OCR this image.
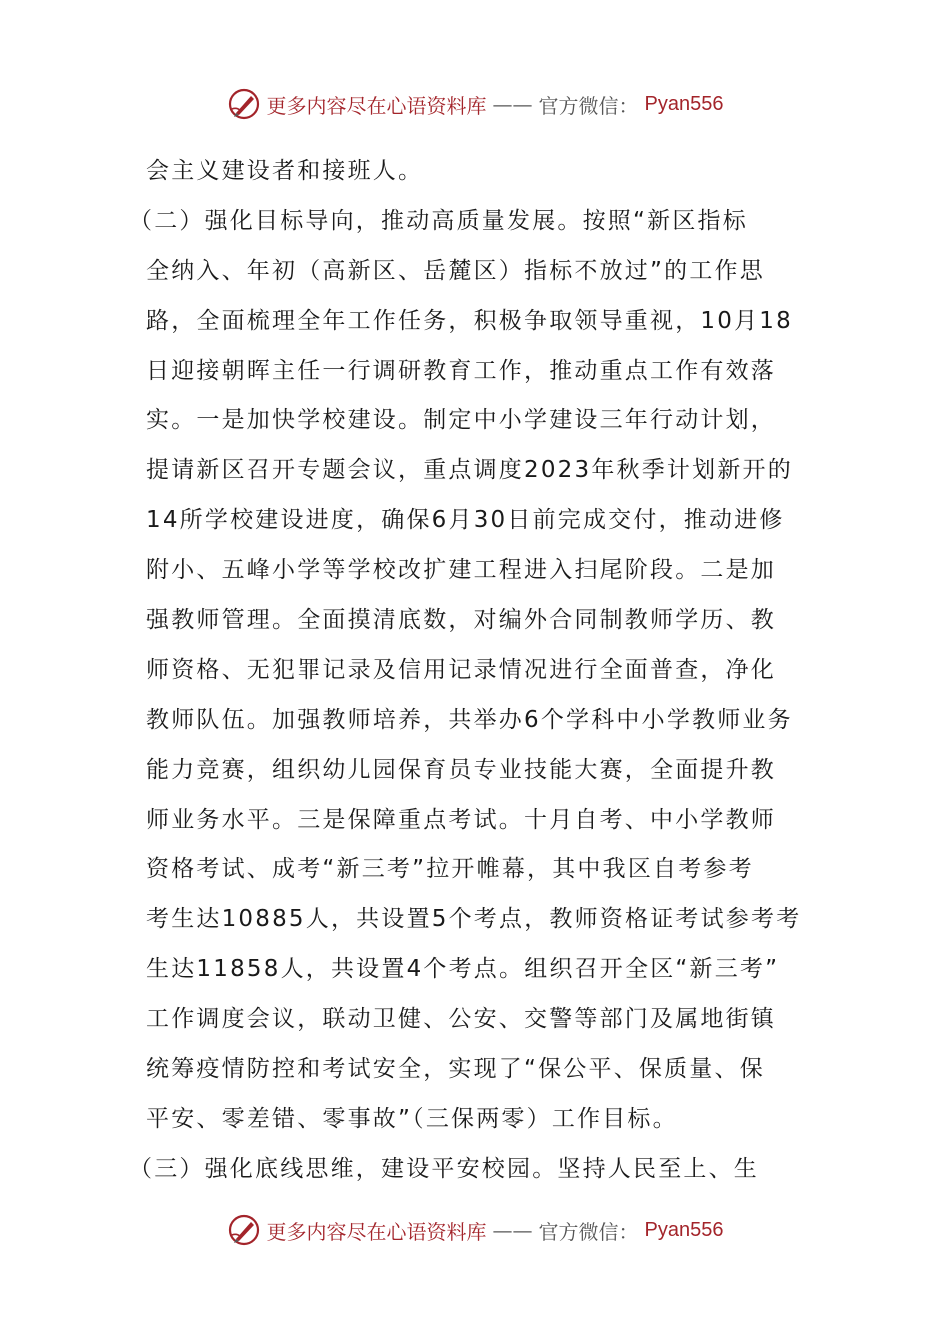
更多内容尽在心语资料库 —— 官方微信： Pyan556
会主义建设者和接班人。
（二）强化目标导向，推动高质量发展。按照“新区指标
全纳入、年初（高新区、岳麓区）指标不放过”的工作思
路，全面梳理全年工作任务，积极争取领导重视，10月18
日迎接朝晖主任一行调研教育工作，推动重点工作有效落
实。一是加快学校建设。制定中小学建设三年行动计划，
提请新区召开专题会议，重点调度2023年秋季计划新开的
14所学校建设进度，确保6月30日前完成交付，推动进修
附小、五峰小学等学校改扩建工程进入扫尾阶段。二是加
强教师管理。全面摸清底数，对编外合同制教师学历、教
师资格、无犯罪记录及信用记录情况进行全面普查，净化
教师队伍。加强教师培养，共举办6个学科中小学教师业务
能力竞赛，组织幼儿园保育员专业技能大赛，全面提升教
师业务水平。三是保障重点考试。十月自考、中小学教师
资格考试、成考“新三考”拉开帷幕，其中我区自考参考
考生达10885人，共设置5个考点，教师资格证考试参考考
生达11858人，共设置4个考点。组织召开全区“新三考”
工作调度会议，联动卫健、公安、交警等部门及属地街镇
统筹疫情防控和考试安全，实现了“保公平、保质量、保
平安、零差错、零事故”（三保两零）工作目标。
（三）强化底线思维，建设平安校园。坚持人民至上、生
更多内容尽在心语资料库 —— 官方微信： Pyan556
